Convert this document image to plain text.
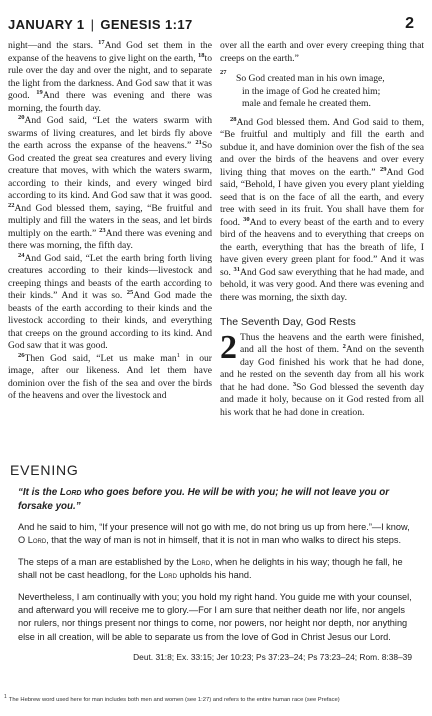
JANUARY 1 | GENESIS 1:17	2

night—and the stars. $^{17}$And God set them in the expanse of the heavens to give light on the earth, $^{18}$to rule over the day and over the night, and to separate the light from the darkness. And God saw that it was good. $^{19}$And there was evening and there was morning, the fourth day.

$^{20}$And God said, “Let the waters swarm with swarms of living creatures, and let birds fly above the earth across the expanse of the heavens.” $^{21}$So God created the great sea creatures and every living creature that moves, with which the waters swarm, according to their kinds, and every winged bird according to its kind. And God saw that it was good. $^{22}$And God blessed them, saying, “Be fruitful and multiply and fill the waters in the seas, and let birds multiply on the earth.” $^{23}$And there was evening and there was morning, the fifth day.

$^{24}$And God said, “Let the earth bring forth living creatures according to their kinds—livestock and creeping things and beasts of the earth according to their kinds.” And it was so. $^{25}$And God made the beasts of the earth according to their kinds and the livestock according to their kinds, and everything that creeps on the ground according to its kind. And God saw that it was good.

$^{26}$Then God said, “Let us make man$^1$ in our image, after our likeness. And let them have dominion over the fish of the sea and over the birds of the heavens and over the livestock and

over all the earth and over every creeping thing that creeps on the earth.”

27
So God created man in his own image,
in the image of God he created him;
male and female he created them.

$^{28}$And God blessed them. And God said to them, “Be fruitful and multiply and fill the earth and subdue it, and have dominion over the fish of the sea and over the birds of the heavens and over every living thing that moves on the earth.” $^{29}$And God said, “Behold, I have given you every plant yielding seed that is on the face of all the earth, and every tree with seed in its fruit. You shall have them for food. $^{30}$And to every beast of the earth and to every bird of the heavens and to everything that creeps on the earth, everything that has the breath of life, I have given every green plant for food.” And it was so. $^{31}$And God saw everything that he had made, and behold, it was very good. And there was evening and there was morning, the sixth day.

The Seventh Day, God Rests

2 Thus the heavens and the earth were finished, and all the host of them. $^2$And on the seventh day God finished his work that he had done, and he rested on the seventh day from all his work that he had done. $^3$So God blessed the seventh day and made it holy, because on it God rested from all his work that he had done in creation.

EVENING
“It is the Lord who goes before you. He will be with you; he will not leave you or forsake you.”
And he said to him, “If your presence will not go with me, do not bring us up from here.”—I know, O Lord, that the way of man is not in himself, that it is not in man who walks to direct his steps.
The steps of a man are established by the Lord, when he delights in his way; though he fall, he shall not be cast headlong, for the Lord upholds his hand.
Nevertheless, I am continually with you; you hold my right hand. You guide me with your counsel, and afterward you will receive me to glory.—For I am sure that neither death nor life, nor angels nor rulers, nor things present nor things to come, nor powers, nor height nor depth, nor anything else in all creation, will be able to separate us from the love of God in Christ Jesus our Lord.
Deut. 31:8; Ex. 33:15; Jer 10:23; Ps 37:23–24; Ps 73:23–24; Rom. 8:38–39
1 The Hebrew word used here for man includes both men and women (see 1:27) and refers to the entire human race (see Preface)
